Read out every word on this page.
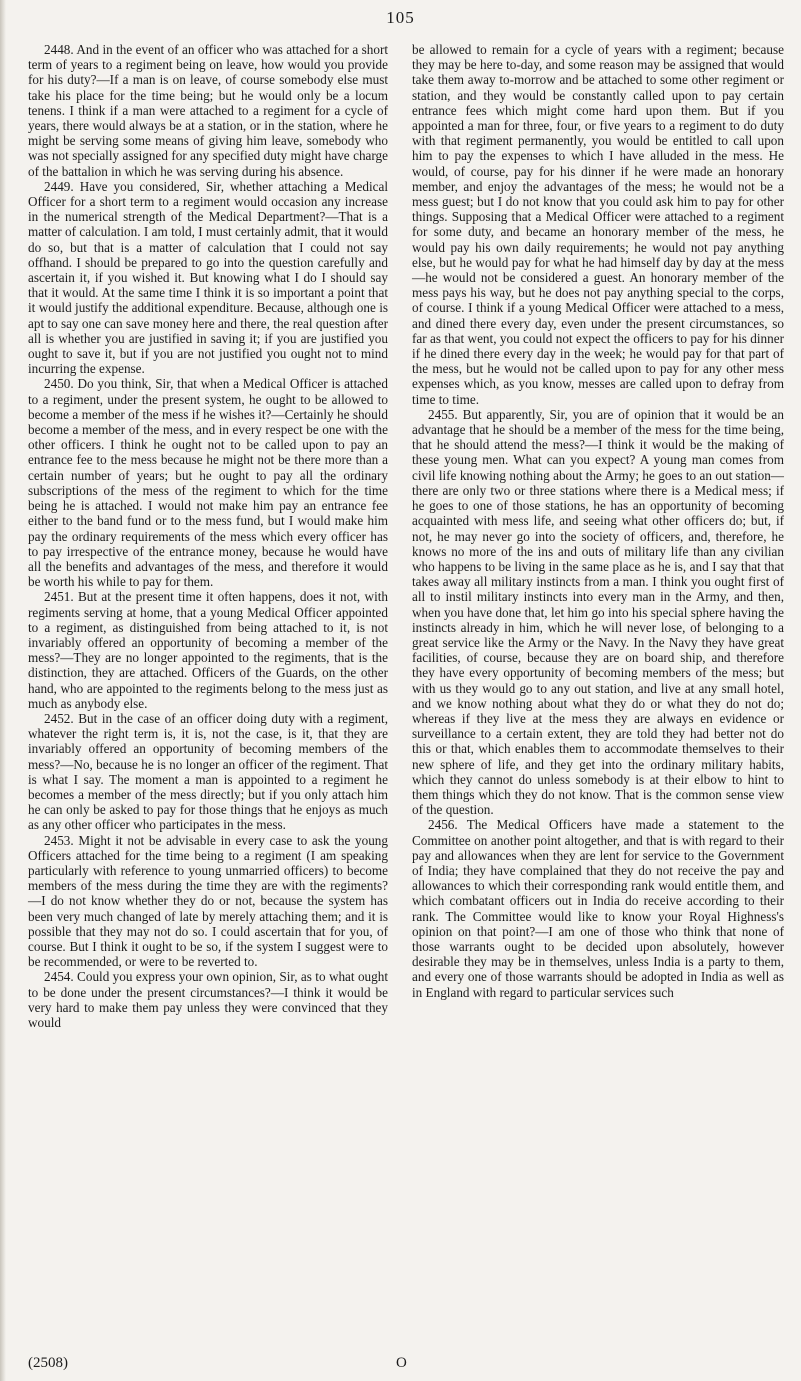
105

2448. And in the event of an officer who was attached for a short term of years to a regiment being on leave, how would you provide for his duty?—If a man is on leave, of course somebody else must take his place for the time being; but he would only be a locum tenens. I think if a man were attached to a regiment for a cycle of years, there would always be at a station, or in the station, where he might be serving some means of giving him leave, somebody who was not specially assigned for any specified duty might have charge of the battalion in which he was serving during his absence.

2449. Have you considered, Sir, whether attaching a Medical Officer for a short term to a regiment would occasion any increase in the numerical strength of the Medical Department?—That is a matter of calculation. I am told, I must certainly admit, that it would do so, but that is a matter of calculation that I could not say offhand. I should be prepared to go into the question carefully and ascertain it, if you wished it. But knowing what I do I should say that it would. At the same time I think it is so important a point that it would justify the additional expenditure. Because, although one is apt to say one can save money here and there, the real question after all is whether you are justified in saving it; if you are justified you ought to save it, but if you are not justified you ought not to mind incurring the expense.

2450. Do you think, Sir, that when a Medical Officer is attached to a regiment, under the present system, he ought to be allowed to become a member of the mess if he wishes it?—Certainly he should become a member of the mess, and in every respect be one with the other officers. I think he ought not to be called upon to pay an entrance fee to the mess because he might not be there more than a certain number of years; but he ought to pay all the ordinary subscriptions of the mess of the regiment to which for the time being he is attached. I would not make him pay an entrance fee either to the band fund or to the mess fund, but I would make him pay the ordinary requirements of the mess which every officer has to pay irrespective of the entrance money, because he would have all the benefits and advantages of the mess, and therefore it would be worth his while to pay for them.

2451. But at the present time it often happens, does it not, with regiments serving at home, that a young Medical Officer appointed to a regiment, as distinguished from being attached to it, is not invariably offered an opportunity of becoming a member of the mess?—They are no longer appointed to the regiments, that is the distinction, they are attached. Officers of the Guards, on the other hand, who are appointed to the regiments belong to the mess just as much as anybody else.

2452. But in the case of an officer doing duty with a regiment, whatever the right term is, it is, not the case, is it, that they are invariably offered an opportunity of becoming members of the mess?—No, because he is no longer an officer of the regiment. That is what I say. The moment a man is appointed to a regiment he becomes a member of the mess directly; but if you only attach him he can only be asked to pay for those things that he enjoys as much as any other officer who participates in the mess.

2453. Might it not be advisable in every case to ask the young Officers attached for the time being to a regiment (I am speaking particularly with reference to young unmarried officers) to become members of the mess during the time they are with the regiments?—I do not know whether they do or not, because the system has been very much changed of late by merely attaching them; and it is possible that they may not do so. I could ascertain that for you, of course. But I think it ought to be so, if the system I suggest were to be recommended, or were to be reverted to.

2454. Could you express your own opinion, Sir, as to what ought to be done under the present circumstances?—I think it would be very hard to make them pay unless they were convinced that they would

be allowed to remain for a cycle of years with a regiment; because they may be here to-day, and some reason may be assigned that would take them away to-morrow and be attached to some other regiment or station, and they would be constantly called upon to pay certain entrance fees which might come hard upon them. But if you appointed a man for three, four, or five years to a regiment to do duty with that regiment permanently, you would be entitled to call upon him to pay the expenses to which I have alluded in the mess. He would, of course, pay for his dinner if he were made an honorary member, and enjoy the advantages of the mess; he would not be a mess guest; but I do not know that you could ask him to pay for other things. Supposing that a Medical Officer were attached to a regiment for some duty, and became an honorary member of the mess, he would pay his own daily requirements; he would not pay anything else, but he would pay for what he had himself day by day at the mess—he would not be considered a guest. An honorary member of the mess pays his way, but he does not pay anything special to the corps, of course. I think if a young Medical Officer were attached to a mess, and dined there every day, even under the present circumstances, so far as that went, you could not expect the officers to pay for his dinner if he dined there every day in the week; he would pay for that part of the mess, but he would not be called upon to pay for any other mess expenses which, as you know, messes are called upon to defray from time to time.

2455. But apparently, Sir, you are of opinion that it would be an advantage that he should be a member of the mess for the time being, that he should attend the mess?—I think it would be the making of these young men. What can you expect? A young man comes from civil life knowing nothing about the Army; he goes to an out station—there are only two or three stations where there is a Medical mess; if he goes to one of those stations, he has an opportunity of becoming acquainted with mess life, and seeing what other officers do; but, if not, he may never go into the society of officers, and, therefore, he knows no more of the ins and outs of military life than any civilian who happens to be living in the same place as he is, and I say that that takes away all military instincts from a man. I think you ought first of all to instil military instincts into every man in the Army, and then, when you have done that, let him go into his special sphere having the instincts already in him, which he will never lose, of belonging to a great service like the Army or the Navy. In the Navy they have great facilities, of course, because they are on board ship, and therefore they have every opportunity of becoming members of the mess; but with us they would go to any out station, and live at any small hotel, and we know nothing about what they do or what they do not do; whereas if they live at the mess they are always en evidence or surveillance to a certain extent, they are told they had better not do this or that, which enables them to accommodate themselves to their new sphere of life, and they get into the ordinary military habits, which they cannot do unless somebody is at their elbow to hint to them things which they do not know. That is the common sense view of the question.

2456. The Medical Officers have made a statement to the Committee on another point altogether, and that is with regard to their pay and allowances when they are lent for service to the Government of India; they have complained that they do not receive the pay and allowances to which their corresponding rank would entitle them, and which combatant officers out in India do receive according to their rank. The Committee would like to know your Royal Highness's opinion on that point?—I am one of those who think that none of those warrants ought to be decided upon absolutely, however desirable they may be in themselves, unless India is a party to them, and every one of those warrants should be adopted in India as well as in England with regard to particular services such

(2508)	O
